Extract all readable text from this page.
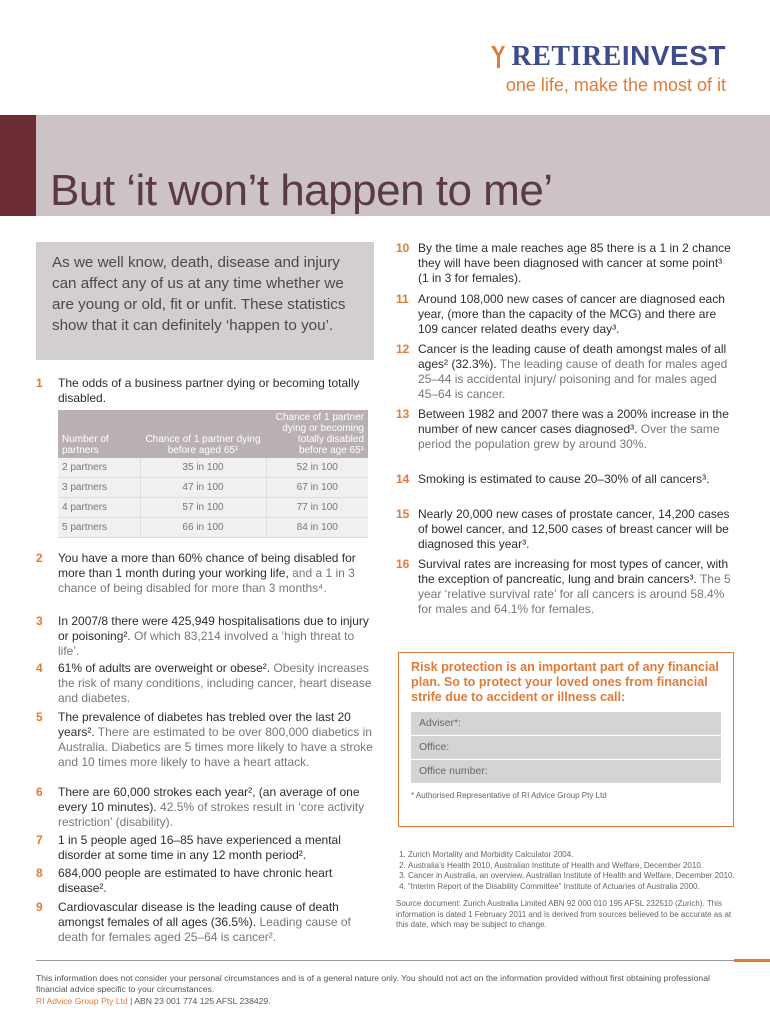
RETIREINVEST
one life, make the most of it
But ‘it won’t happen to me’
As we well know, death, disease and injury can affect any of us at any time whether we are young or old, fit or unfit. These statistics show that it can definitely ‘happen to you’.
1 The odds of a business partner dying or becoming totally disabled.
Number of partners	Chance of 1 partner dying before aged 65¹	Chance of 1 partner dying or becoming totally disabled before age 65¹
2 partners	35 in 100	52 in 100
3 partners	47 in 100	67 in 100
4 partners	57 in 100	77 in 100
5 partners	66 in 100	84 in 100
2 You have a more than 60% chance of being disabled for more than 1 month during your working life, and a 1 in 3 chance of being disabled for more than 3 months⁴.
3 In 2007/8 there were 425,949 hospitalisations due to injury or poisoning². Of which 83,214 involved a ‘high threat to life’.
4 61% of adults are overweight or obese². Obesity increases the risk of many conditions, including cancer, heart disease and diabetes.
5 The prevalence of diabetes has trebled over the last 20 years². There are estimated to be over 800,000 diabetics in Australia. Diabetics are 5 times more likely to have a stroke and 10 times more likely to have a heart attack.
6 There are 60,000 strokes each year², (an average of one every 10 minutes). 42.5% of strokes result in ‘core activity restriction’ (disability).
7 1 in 5 people aged 16–85 have experienced a mental disorder at some time in any 12 month period².
8 684,000 people are estimated to have chronic heart disease².
9 Cardiovascular disease is the leading cause of death amongst females of all ages (36.5%). Leading cause of death for females aged 25–64 is cancer².
10 By the time a male reaches age 85 there is a 1 in 2 chance they will have been diagnosed with cancer at some point³ (1 in 3 for females).
11 Around 108,000 new cases of cancer are diagnosed each year, (more than the capacity of the MCG) and there are 109 cancer related deaths every day³.
12 Cancer is the leading cause of death amongst males of all ages² (32.3%). The leading cause of death for males aged 25–44 is accidental injury/ poisoning and for males aged 45–64 is cancer.
13 Between 1982 and 2007 there was a 200% increase in the number of new cancer cases diagnosed³. Over the same period the population grew by around 30%.
14 Smoking is estimated to cause 20–30% of all cancers³.
15 Nearly 20,000 new cases of prostate cancer, 14,200 cases of bowel cancer, and 12,500 cases of breast cancer will be diagnosed this year³.
16 Survival rates are increasing for most types of cancer, with the exception of pancreatic, lung and brain cancers³. The 5 year ‘relative survival rate’ for all cancers is around 58.4% for males and 64.1% for females.
Risk protection is an important part of any financial plan. So to protect your loved ones from financial strife due to accident or illness call:
Adviser*:
Office:
Office number:
* Authorised Representative of RI Advice Group Pty Ltd
1. Zurich Mortality and Morbidity Calculator 2004.
2. Australia’s Health 2010, Australian Institute of Health and Welfare, December 2010.
3. Cancer in Australia, an overview, Australian Institute of Health and Welfare, December 2010.
4. “Interim Report of the Disability Committee” Institute of Actuaries of Australia 2000.
Source document: Zurich Australia Limited ABN 92 000 010 195 AFSL 232510 (Zurich). This information is dated 1 February 2011 and is derived from sources believed to be accurate as at this date, which may be subject to change.
This information does not consider your personal circumstances and is of a general nature only. You should not act on the information provided without first obtaining professional financial advice specific to your circumstances.
RI Advice Group Pty Ltd | ABN 23 001 774 125 AFSL 238429.
